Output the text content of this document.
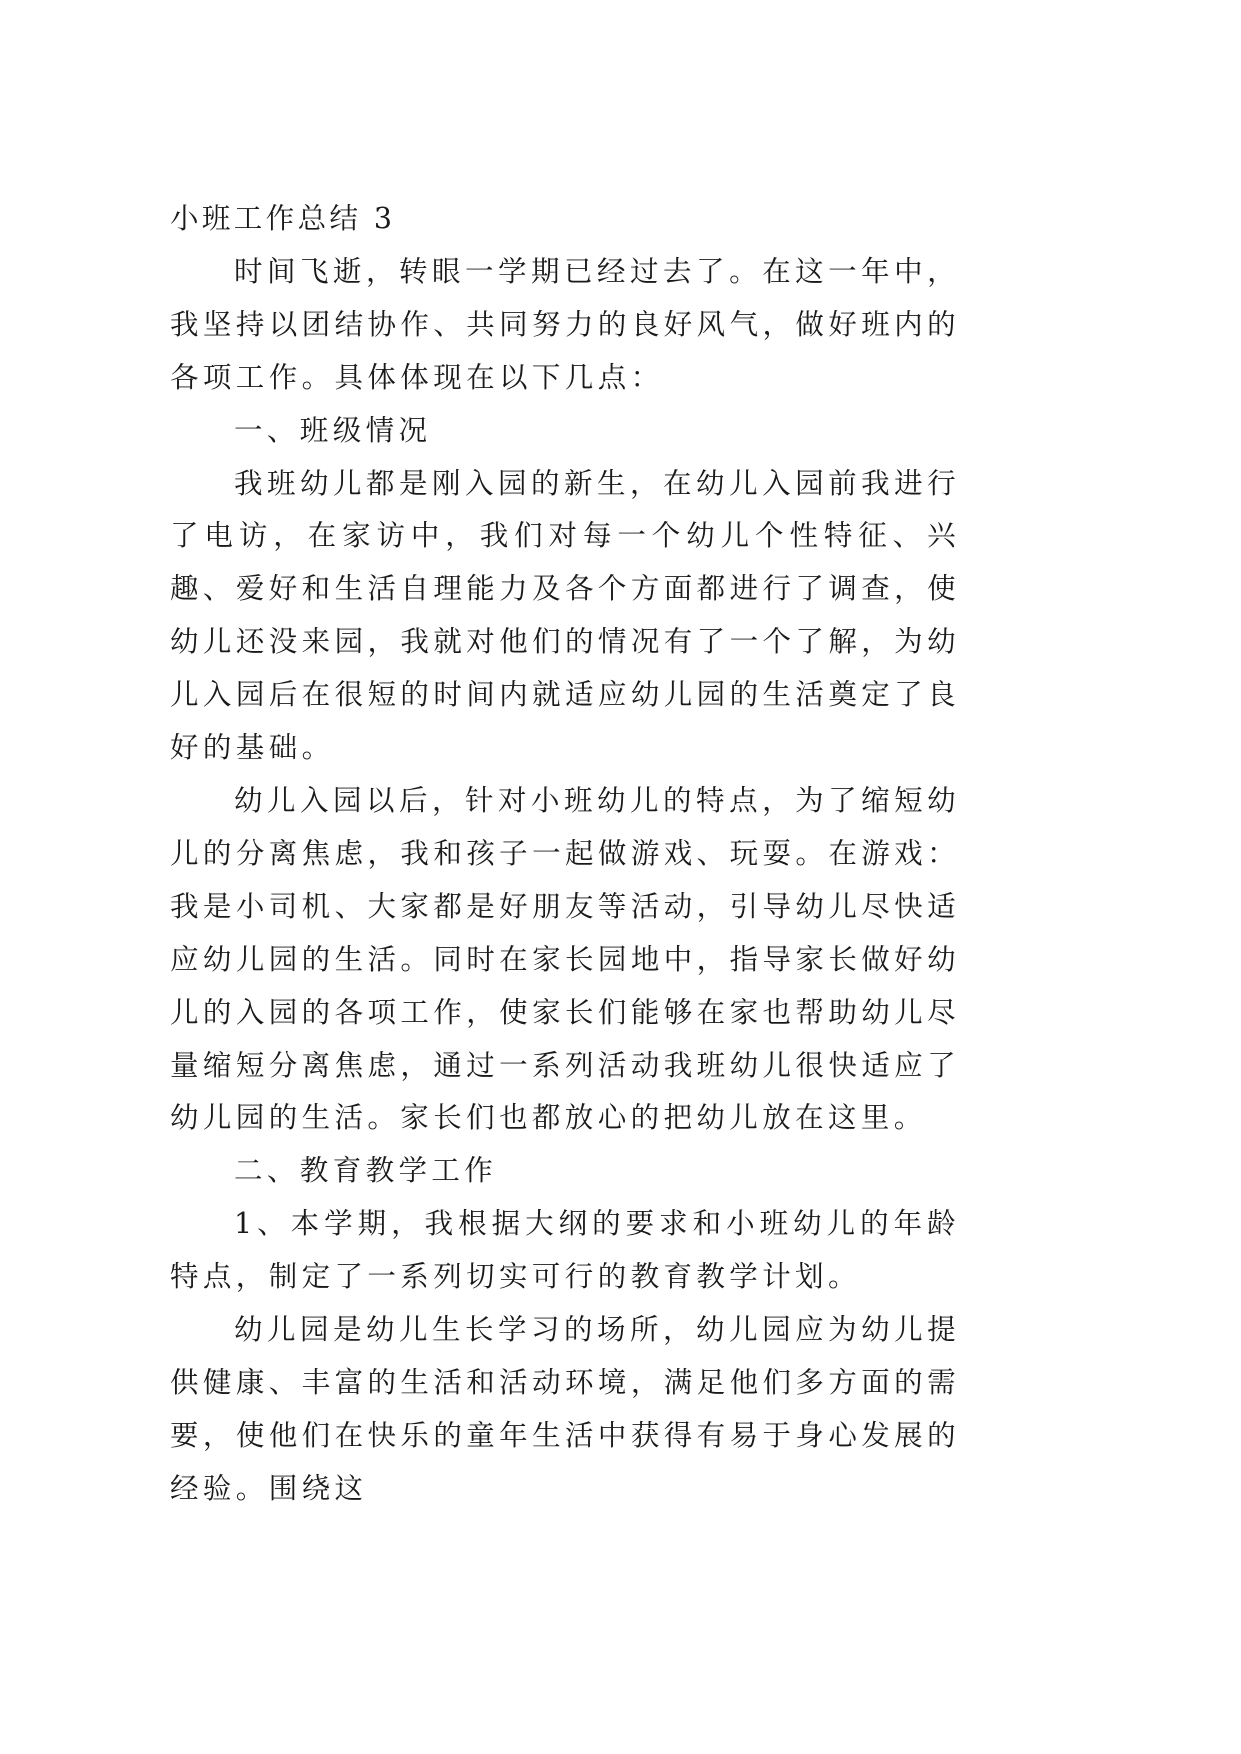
小班工作总结 3

时间飞逝，转眼一学期已经过去了。在这一年中，我坚持以团结协作、共同努力的良好风气，做好班内的各项工作。具体体现在以下几点：

一、班级情况

我班幼儿都是刚入园的新生，在幼儿入园前我进行了电访，在家访中，我们对每一个幼儿个性特征、兴趣、爱好和生活自理能力及各个方面都进行了调查，使幼儿还没来园，我就对他们的情况有了一个了解，为幼儿入园后在很短的时间内就适应幼儿园的生活奠定了良好的基础。

幼儿入园以后，针对小班幼儿的特点，为了缩短幼儿的分离焦虑，我和孩子一起做游戏、玩耍。在游戏：我是小司机、大家都是好朋友等活动，引导幼儿尽快适应幼儿园的生活。同时在家长园地中，指导家长做好幼儿的入园的各项工作，使家长们能够在家也帮助幼儿尽量缩短分离焦虑，通过一系列活动我班幼儿很快适应了幼儿园的生活。家长们也都放心的把幼儿放在这里。

二、教育教学工作

1、本学期，我根据大纲的要求和小班幼儿的年龄特点，制定了一系列切实可行的教育教学计划。

幼儿园是幼儿生长学习的场所，幼儿园应为幼儿提供健康、丰富的生活和活动环境，满足他们多方面的需要，使他们在快乐的童年生活中获得有易于身心发展的经验。围绕这
